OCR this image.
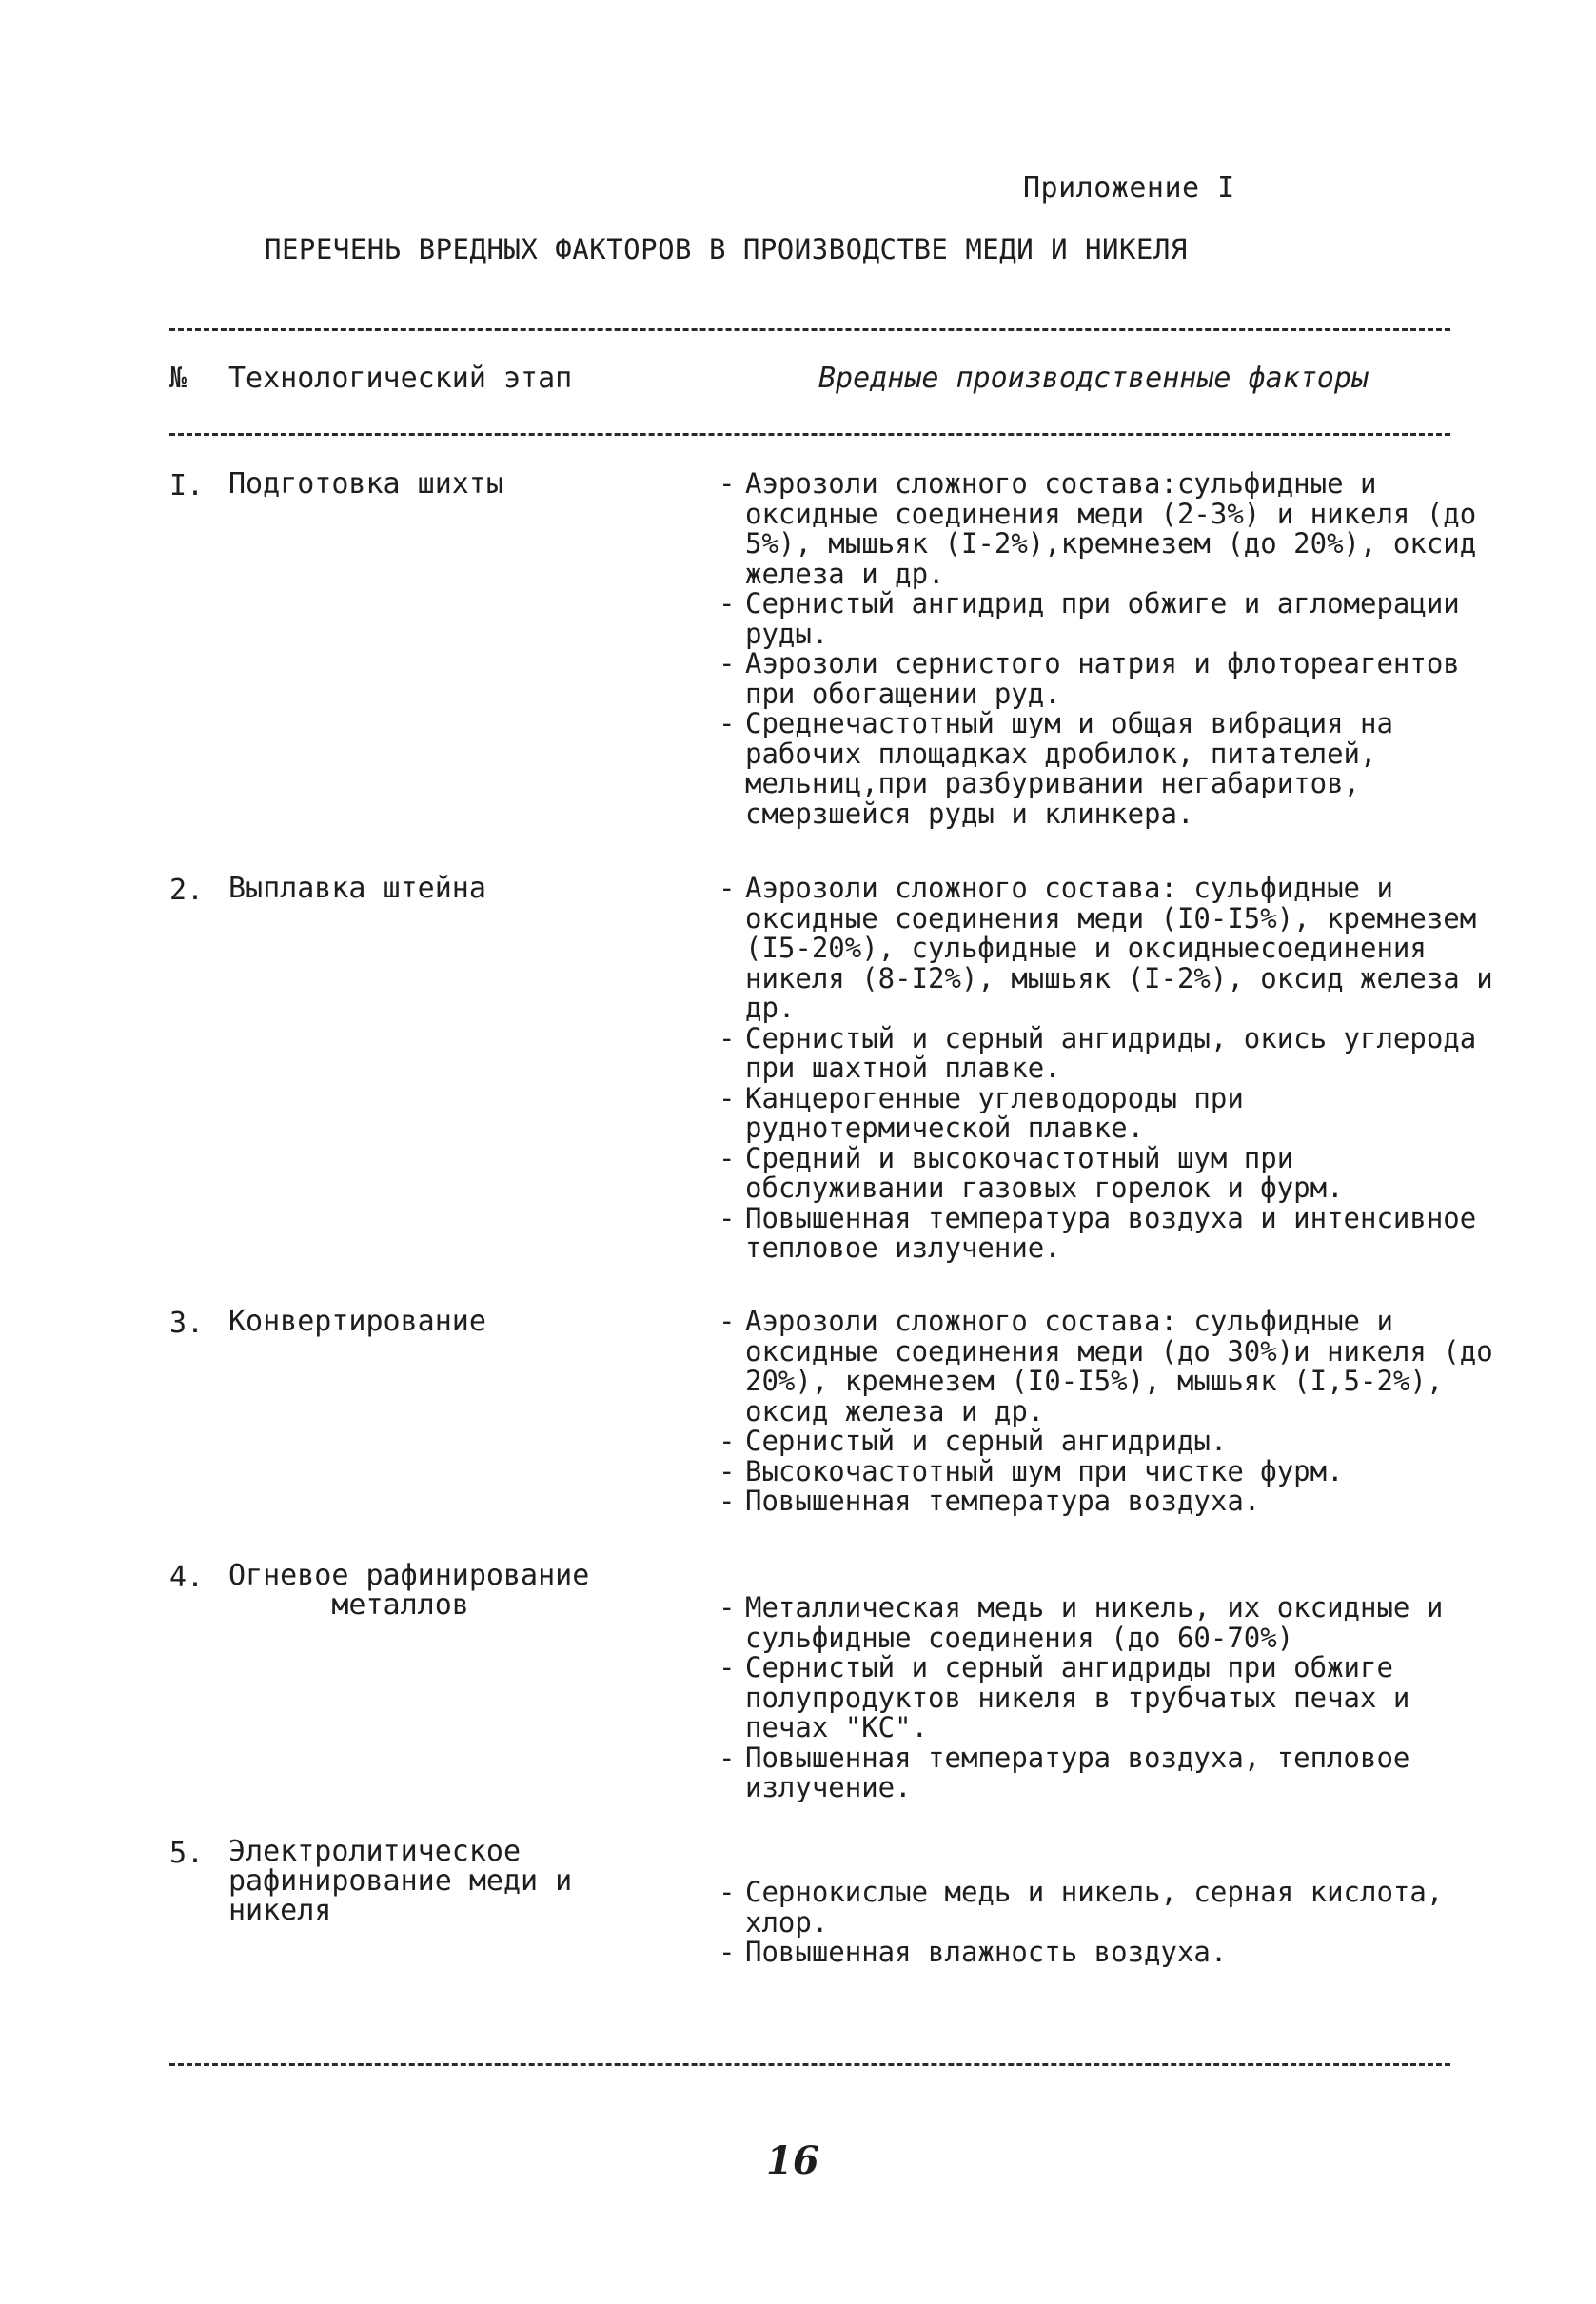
Приложение I
ПЕРЕЧЕНЬ ВРЕДНЫХ ФАКТОРОВ В ПРОИЗВОДСТВЕ МЕДИ И НИКЕЛЯ
№ Технологический этап	Вредные производственные факторы
I. Подготовка шихты	- Аэрозоли сложного состава:сульфидные и оксидные соединения меди (2-3%) и никеля (до 5%), мышьяк (I-2%),кремнезем (до 20%), оксид железа и др.
- Сернистый ангидрид при обжиге и агломерации руды.
- Аэрозоли сернистого натрия и флотореагентов при обогащении руд.
- Среднечастотный шум и общая вибрация на рабочих площадках дробилок, питателей, мельниц,при разбуривании негабаритов, смерзшейся руды и клинкера.
2. Выплавка штейна	- Аэрозоли сложного состава: сульфидные и оксидные соединения меди (I0-I5%), кремнезем (I5-20%), сульфидные и оксидныесоединения никеля (8-I2%), мышьяк (I-2%), оксид железа и др.
- Сернистый и серный ангидриды, окись углерода при шахтной плавке.
- Канцерогенные углеводороды при руднотермической плавке.
- Средний и высокочастотный шум при обслуживании газовых горелок и фурм.
- Повышенная температура воздуха и интенсивное тепловое излучение.
3. Конвертирование	- Аэрозоли сложного состава: сульфидные и оксидные соединения меди (до 30%)и никеля (до 20%), кремнезем (I0-I5%), мышьяк (I,5-2%), оксид железа и др.
- Сернистый и серный ангидриды.
- Высокочастотный шум при чистке фурм.
- Повышенная температура воздуха.
4. Огневое рафинирование
металлов	- Металлическая медь и никель, их оксидные и сульфидные соединения (до 60-70%)
- Сернистый и серный ангидриды при обжиге полупродуктов никеля в трубчатых печах и печах "КС".
- Повышенная температура воздуха, тепловое излучение.
5. Электролитическое рафинирование меди и никеля
- Сернокислые медь и никель, серная кислота, хлор.
- Повышенная влажность воздуха.
16
